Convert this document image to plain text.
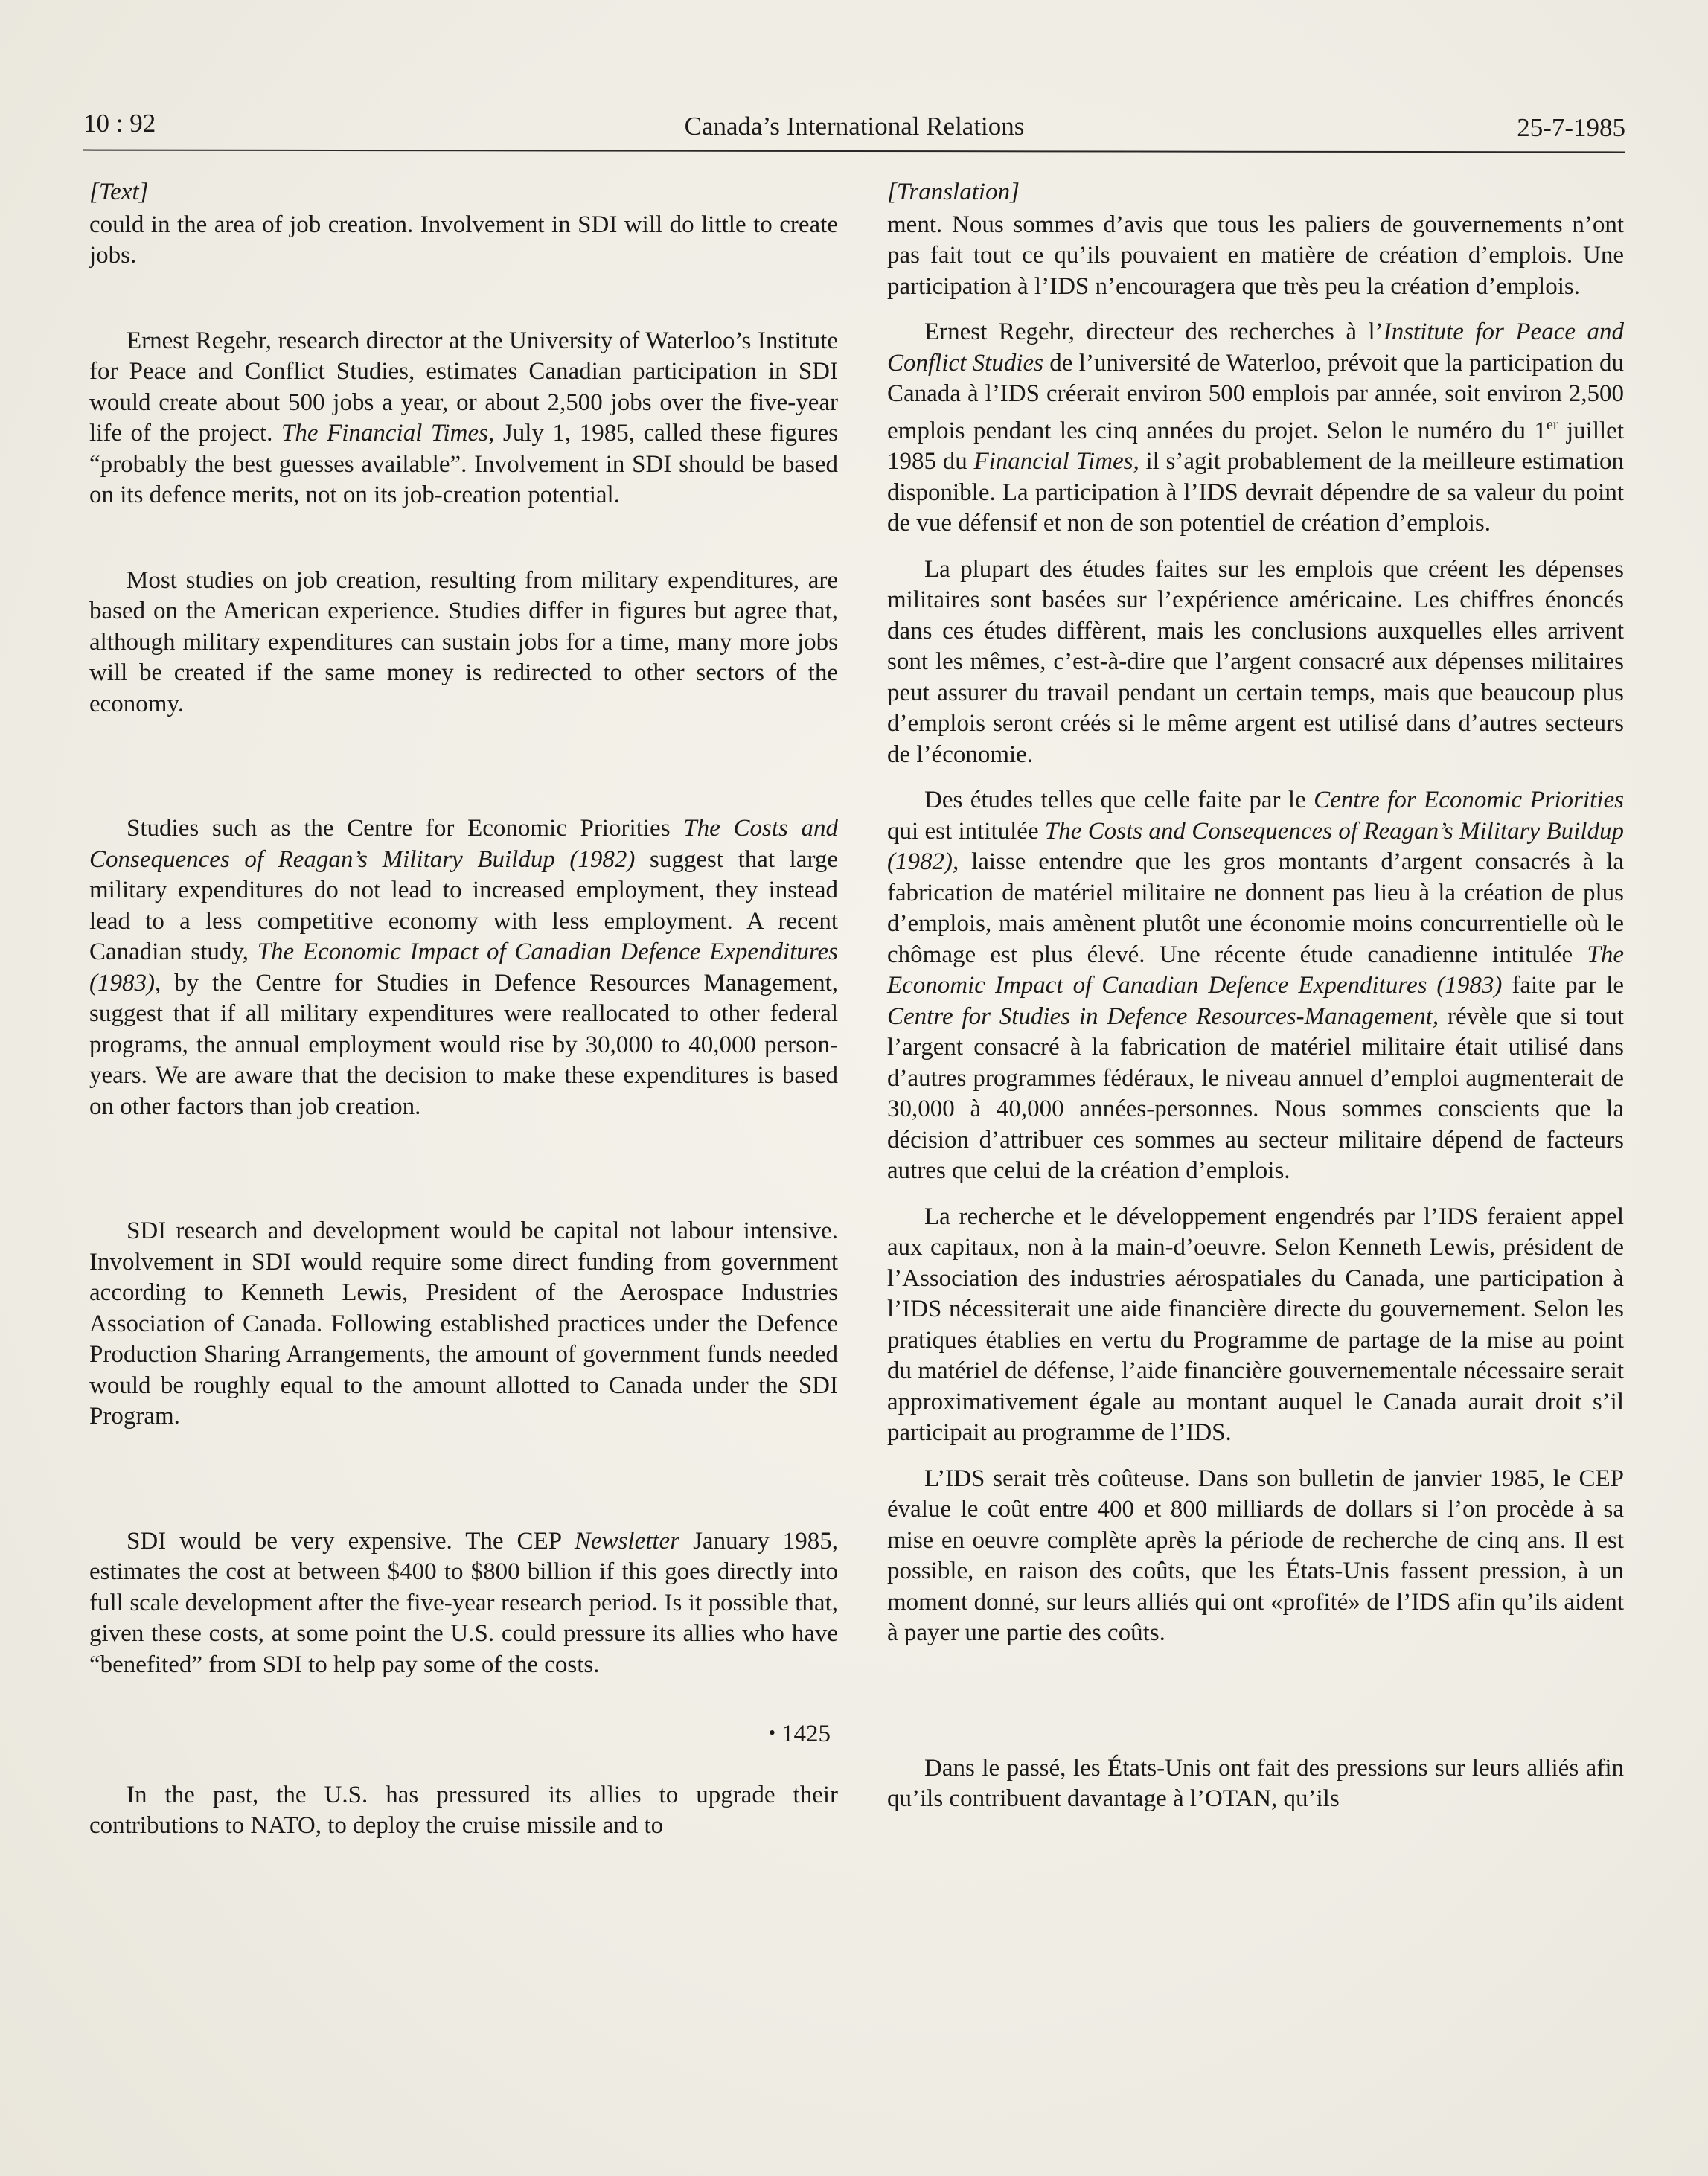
10 : 92	Canada’s International Relations	25-7-1985
[Text]

could in the area of job creation. Involvement in SDI will do little to create jobs.

Ernest Regehr, research director at the University of Waterloo’s Institute for Peace and Conflict Studies, estimates Canadian participation in SDI would create about 500 jobs a year, or about 2,500 jobs over the five-year life of the project. The Financial Times, July 1, 1985, called these figures “probably the best guesses available”. Involvement in SDI should be based on its defence merits, not on its job-creation potential.

Most studies on job creation, resulting from military expenditures, are based on the American experience. Studies differ in figures but agree that, although military expenditures can sustain jobs for a time, many more jobs will be created if the same money is redirected to other sectors of the economy.

Studies such as the Centre for Economic Priorities The Costs and Consequences of Reagan’s Military Buildup (1982) suggest that large military expenditures do not lead to increased employment, they instead lead to a less competitive economy with less employment. A recent Canadian study, The Economic Impact of Canadian Defence Expenditures (1983), by the Centre for Studies in Defence Resources Management, suggest that if all military expenditures were reallocated to other federal programs, the annual employment would rise by 30,000 to 40,000 person-years. We are aware that the decision to make these expenditures is based on other factors than job creation.

SDI research and development would be capital not labour intensive. Involvement in SDI would require some direct funding from government according to Kenneth Lewis, President of the Aerospace Industries Association of Canada. Following established practices under the Defence Production Sharing Arrangements, the amount of government funds needed would be roughly equal to the amount allotted to Canada under the SDI Program.

SDI would be very expensive. The CEP Newsletter January 1985, estimates the cost at between $400 to $800 billion if this goes directly into full scale development after the five-year research period. Is it possible that, given these costs, at some point the U.S. could pressure its allies who have “benefited” from SDI to help pay some of the costs.

• 1425

In the past, the U.S. has pressured its allies to upgrade their contributions to NATO, to deploy the cruise missile and to

[Translation]

ment. Nous sommes d’avis que tous les paliers de gouvernements n’ont pas fait tout ce qu’ils pouvaient en matière de création d’emplois. Une participation à l’IDS n’encouragera que très peu la création d’emplois.

Ernest Regehr, directeur des recherches à l’Institute for Peace and Conflict Studies de l’université de Waterloo, prévoit que la participation du Canada à l’IDS créerait environ 500 emplois par année, soit environ 2,500 emplois pendant les cinq années du projet. Selon le numéro du 1er juillet 1985 du Financial Times, il s’agit probablement de la meilleure estimation disponible. La participation à l’IDS devrait dépendre de sa valeur du point de vue défensif et non de son potentiel de création d’emplois.

La plupart des études faites sur les emplois que créent les dépenses militaires sont basées sur l’expérience américaine. Les chiffres énoncés dans ces études diffèrent, mais les conclusions auxquelles elles arrivent sont les mêmes, c’est-à-dire que l’argent consacré aux dépenses militaires peut assurer du travail pendant un certain temps, mais que beaucoup plus d’emplois seront créés si le même argent est utilisé dans d’autres secteurs de l’économie.

Des études telles que celle faite par le Centre for Economic Priorities qui est intitulée The Costs and Consequences of Reagan’s Military Buildup (1982), laisse entendre que les gros montants d’argent consacrés à la fabrication de matériel militaire ne donnent pas lieu à la création de plus d’emplois, mais amènent plutôt une économie moins concurrentielle où le chômage est plus élevé. Une récente étude canadienne intitulée The Economic Impact of Canadian Defence Expenditures (1983) faite par le Centre for Studies in Defence Resources-Management, révèle que si tout l’argent consacré à la fabrication de matériel militaire était utilisé dans d’autres programmes fédéraux, le niveau annuel d’emploi augmenterait de 30,000 à 40,000 années-personnes. Nous sommes conscients que la décision d’attribuer ces sommes au secteur militaire dépend de facteurs autres que celui de la création d’emplois.

La recherche et le développement engendrés par l’IDS feraient appel aux capitaux, non à la main-d’oeuvre. Selon Kenneth Lewis, président de l’Association des industries aérospatiales du Canada, une participation à l’IDS nécessiterait une aide financière directe du gouvernement. Selon les pratiques établies en vertu du Programme de partage de la mise au point du matériel de défense, l’aide financière gouvernementale nécessaire serait approximativement égale au montant auquel le Canada aurait droit s’il participait au programme de l’IDS.

L’IDS serait très coûteuse. Dans son bulletin de janvier 1985, le CEP évalue le coût entre 400 et 800 milliards de dollars si l’on procède à sa mise en oeuvre complète après la période de recherche de cinq ans. Il est possible, en raison des coûts, que les États-Unis fassent pression, à un moment donné, sur leurs alliés qui ont «profité» de l’IDS afin qu’ils aident à payer une partie des coûts.

Dans le passé, les États-Unis ont fait des pressions sur leurs alliés afin qu’ils contribuent davantage à l’OTAN, qu’ils
